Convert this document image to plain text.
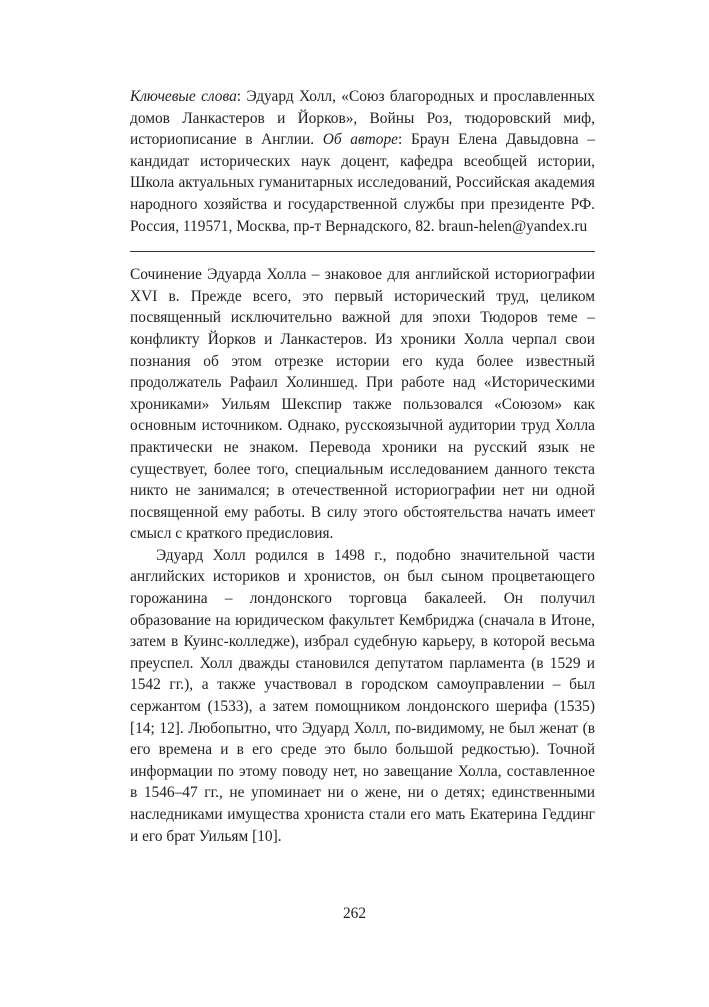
Ключевые слова: Эдуард Холл, «Союз благородных и прославленных домов Ланкастеров и Йорков», Войны Роз, тюдоровский миф, историописание в Англии. Об авторе: Браун Елена Давыдовна – кандидат исторических наук доцент, кафедра всеобщей истории, Школа актуальных гуманитарных исследований, Российская академия народного хозяйства и государственной службы при президенте РФ. Россия, 119571, Москва, пр-т Вернадского, 82. braun-helen@yandex.ru

Сочинение Эдуарда Холла – знаковое для английской историографии XVI в. Прежде всего, это первый исторический труд, целиком посвященный исключительно важной для эпохи Тюдоров теме – конфликту Йорков и Ланкастеров. Из хроники Холла черпал свои познания об этом отрезке истории его куда более известный продолжатель Рафаил Холиншед. При работе над «Историческими хрониками» Уильям Шекспир также пользовался «Союзом» как основным источником. Однако, русскоязычной аудитории труд Холла практически не знаком. Перевода хроники на русский язык не существует, более того, специальным исследованием данного текста никто не занимался; в отечественной историографии нет ни одной посвященной ему работы. В силу этого обстоятельства начать имеет смысл с краткого предисловия.

Эдуард Холл родился в 1498 г., подобно значительной части английских историков и хронистов, он был сыном процветающего горожанина – лондонского торговца бакалеей. Он получил образование на юридическом факультет Кембриджа (сначала в Итоне, затем в Куинс-колледже), избрал судебную карьеру, в которой весьма преуспел. Холл дважды становился депутатом парламента (в 1529 и 1542 гг.), а также участвовал в городском самоуправлении – был сержантом (1533), а затем помощником лондонского шерифа (1535) [14; 12]. Любопытно, что Эдуард Холл, по-видимому, не был женат (в его времена и в его среде это было большой редкостью). Точной информации по этому поводу нет, но завещание Холла, составленное в 1546–47 гг., не упоминает ни о жене, ни о детях; единственными наследниками имущества хрониста стали его мать Екатерина Геддинг и его брат Уильям [10].

262
